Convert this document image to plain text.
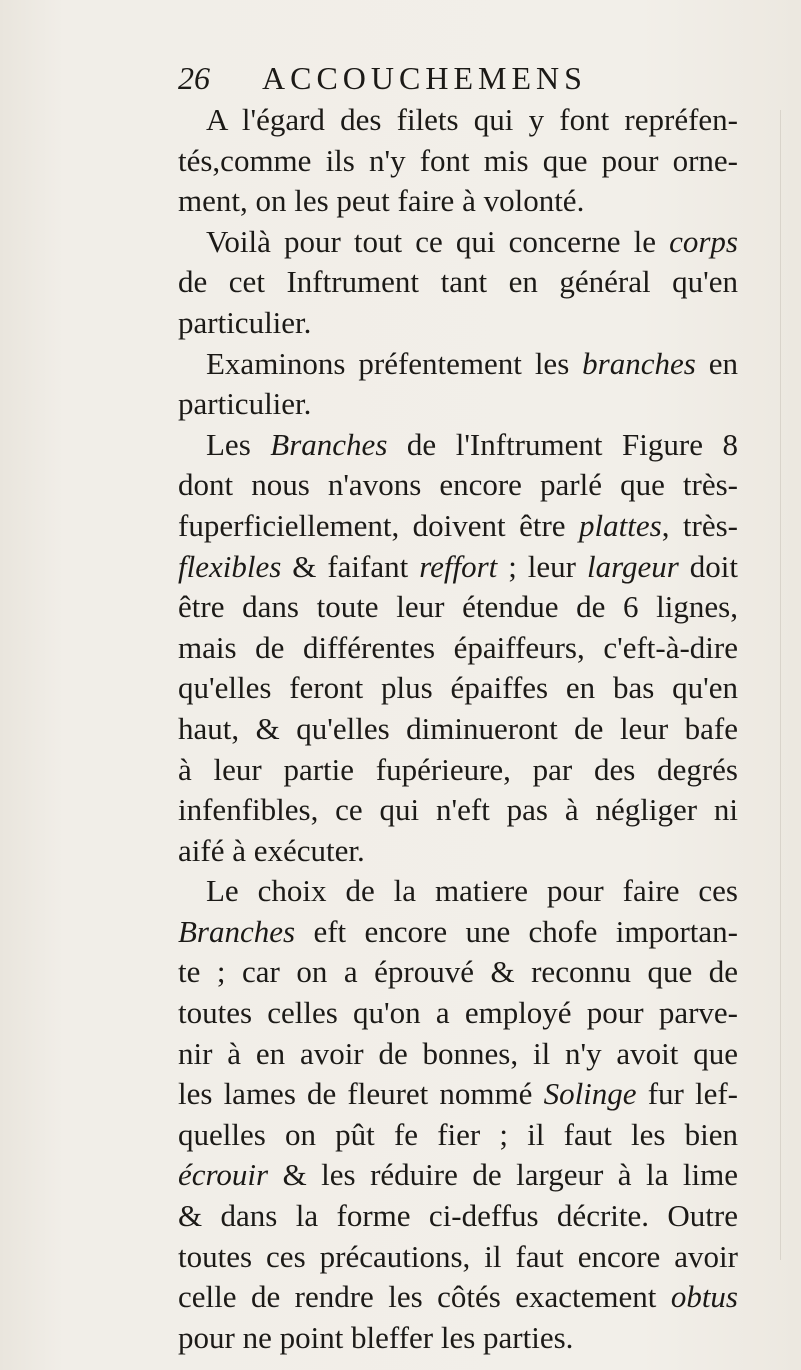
26 ACCOUCHEMENS
A l'égard des filets qui y font repréfen-
tés,comme ils n'y font mis que pour orne-
ment, on les peut faire à volonté.
Voilà pour tout ce qui concerne le corps
de cet Inftrument tant en général qu'en
particulier.
Examinons préfentement les branches en
particulier.
Les Branches de l'Inftrument Figure 8
dont nous n'avons encore parlé que très-
fuperficiellement, doivent être plattes, très-
flexibles & faifant reffort ; leur largeur doit
être dans toute leur étendue de 6 lignes,
mais de différentes épaiffeurs, c'eft-à-dire
qu'elles feront plus épaiffes en bas qu'en
haut, & qu'elles diminueront de leur bafe
à leur partie fupérieure, par des degrés
infenfibles, ce qui n'eft pas à négliger ni
aifé à exécuter.
Le choix de la matiere pour faire ces
Branches eft encore une chofe importan-
te ; car on a éprouvé & reconnu que de
toutes celles qu'on a employé pour parve-
nir à en avoir de bonnes, il n'y avoit que
les lames de fleuret nommé Solinge fur lef-
quelles on pût fe fier ; il faut les bien
écrouir & les réduire de largeur à la lime
& dans la forme ci-deffus décrite. Outre
toutes ces précautions, il faut encore avoir
celle de rendre les côtés exactement obtus
pour ne point bleffer les parties.
